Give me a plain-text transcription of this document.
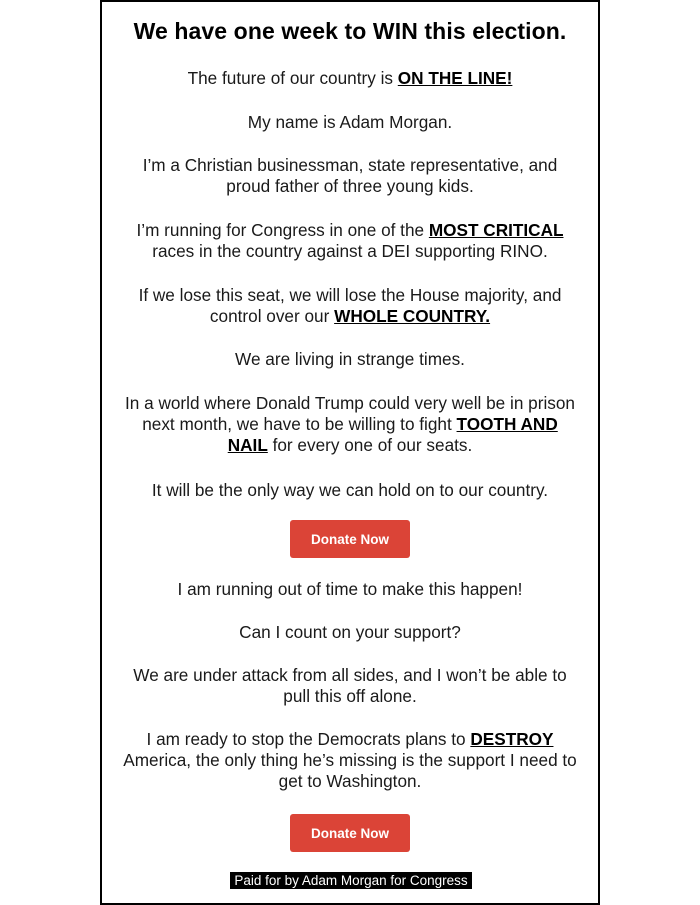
We have one week to WIN this election.

The future of our country is ON THE LINE!

My name is Adam Morgan.

I’m a Christian businessman, state representative, and
proud father of three young kids.

I’m running for Congress in one of the MOST CRITICAL
races in the country against a DEI supporting RINO.

If we lose this seat, we will lose the House majority, and
control over our WHOLE COUNTRY.

We are living in strange times.

In a world where Donald Trump could very well be in prison
next month, we have to be willing to fight TOOTH AND
NAIL for every one of our seats.

It will be the only way we can hold on to our country.

Donate Now

I am running out of time to make this happen!

Can I count on your support?

We are under attack from all sides, and I won’t be able to
pull this off alone.

I am ready to stop the Democrats plans to DESTROY
America, the only thing he’s missing is the support I need to
get to Washington.

Donate Now
Paid for by Adam Morgan for Congress
